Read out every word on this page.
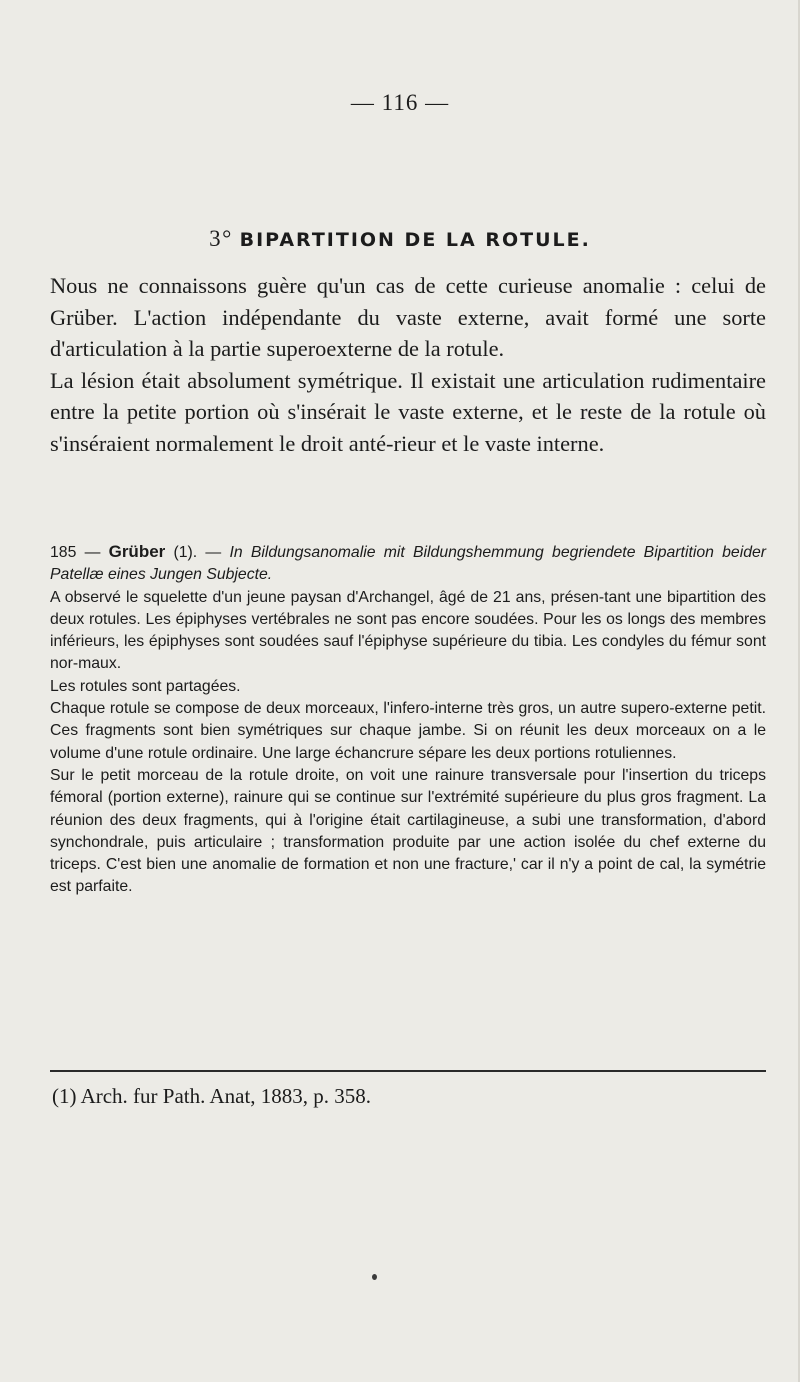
— 116 —
3° BIPARTITION DE LA ROTULE.

Nous ne connaissons guère qu'un cas de cette curieuse anomalie : celui de Grüber. L'action indépendante du vaste externe, avait formé une sorte d'articulation à la partie superoexterne de la rotule.

La lésion était absolument symétrique. Il existait une articulation rudimentaire entre la petite portion où s'insérait le vaste externe, et le reste de la rotule où s'inséraient normalement le droit anté-rieur et le vaste interne.

185 — Grüber (1). — In Bildungsanomalie mit Bildungshemmung begriendete Bipartition beider Patellæ eines Jungen Subjecte.

A observé le squelette d'un jeune paysan d'Archangel, âgé de 21 ans, présen-tant une bipartition des deux rotules. Les épiphyses vertébrales ne sont pas encore soudées. Pour les os longs des membres inférieurs, les épiphyses sont soudées sauf l'épiphyse supérieure du tibia. Les condyles du fémur sont nor-maux.

Les rotules sont partagées.

Chaque rotule se compose de deux morceaux, l'infero-interne très gros, un autre supero-externe petit. Ces fragments sont bien symétriques sur chaque jambe. Si on réunit les deux morceaux on a le volume d'une rotule ordinaire. Une large échancrure sépare les deux portions rotuliennes.

Sur le petit morceau de la rotule droite, on voit une rainure transversale pour l'insertion du triceps fémoral (portion externe), rainure qui se continue sur l'extrémité supérieure du plus gros fragment. La réunion des deux fragments, qui à l'origine était cartilagineuse, a subi une transformation, d'abord synchondrale, puis articulaire ; transformation produite par une action isolée du chef externe du triceps. C'est bien une anomalie de formation et non une fracture,' car il n'y a point de cal, la symétrie est parfaite.

(1) Arch. fur Path. Anat, 1883, p. 358.
